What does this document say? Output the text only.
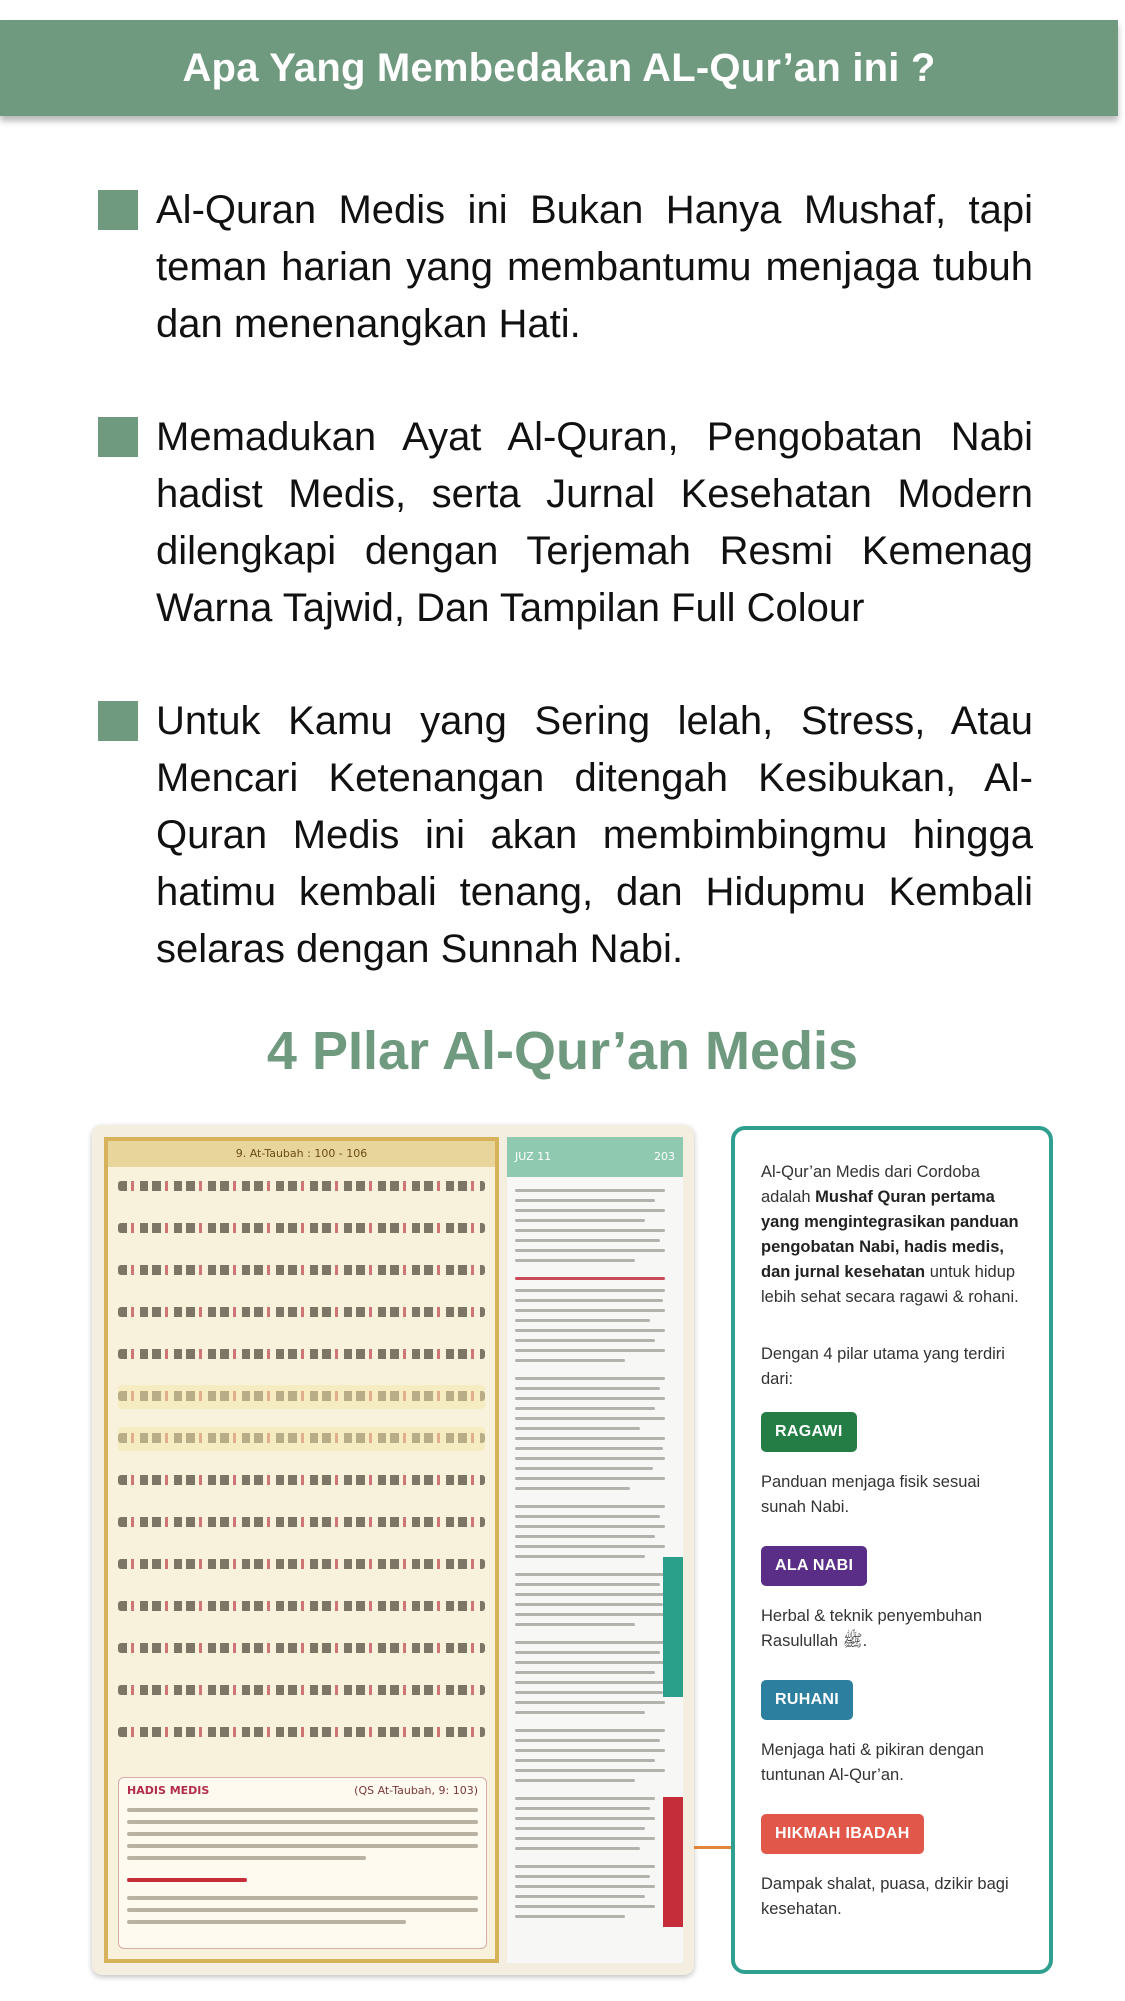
Apa Yang Membedakan AL-Qur’an ini ?
Al-Quran Medis ini Bukan Hanya Mushaf, tapi teman harian yang membantumu menjaga tubuh dan menenangkan Hati.
Memadukan Ayat Al-Quran, Pengobatan Nabi hadist Medis, serta Jurnal Kesehatan Modern dilengkapi dengan Terjemah Resmi Kemenag Warna Tajwid, Dan Tampilan Full Colour
Untuk Kamu yang Sering lelah, Stress, Atau Mencari Ketenangan ditengah Kesibukan, Al-Quran Medis ini akan membimbingmu hingga hatimu kembali tenang, dan Hidupmu Kembali selaras dengan Sunnah Nabi.
4 PIlar Al-Qur’an Medis
9. At-Taubah : 100 - 106
HADIS MEDIS	(QS At-Taubah, 9: 103)
JUZ 11	203

Al-Qur’an Medis dari Cordoba adalah Mushaf Quran pertama yang mengintegrasikan panduan pengobatan Nabi, hadis medis, dan jurnal kesehatan untuk hidup lebih sehat secara ragawi & rohani.

Dengan 4 pilar utama yang terdiri dari:

RAGAWI

Panduan menjaga fisik sesuai sunah Nabi.

ALA NABI

Herbal & teknik penyembuhan Rasulullah ﷺ.

RUHANI

Menjaga hati & pikiran dengan tuntunan Al-Qur’an.

HIKMAH IBADAH

Dampak shalat, puasa, dzikir bagi kesehatan.
